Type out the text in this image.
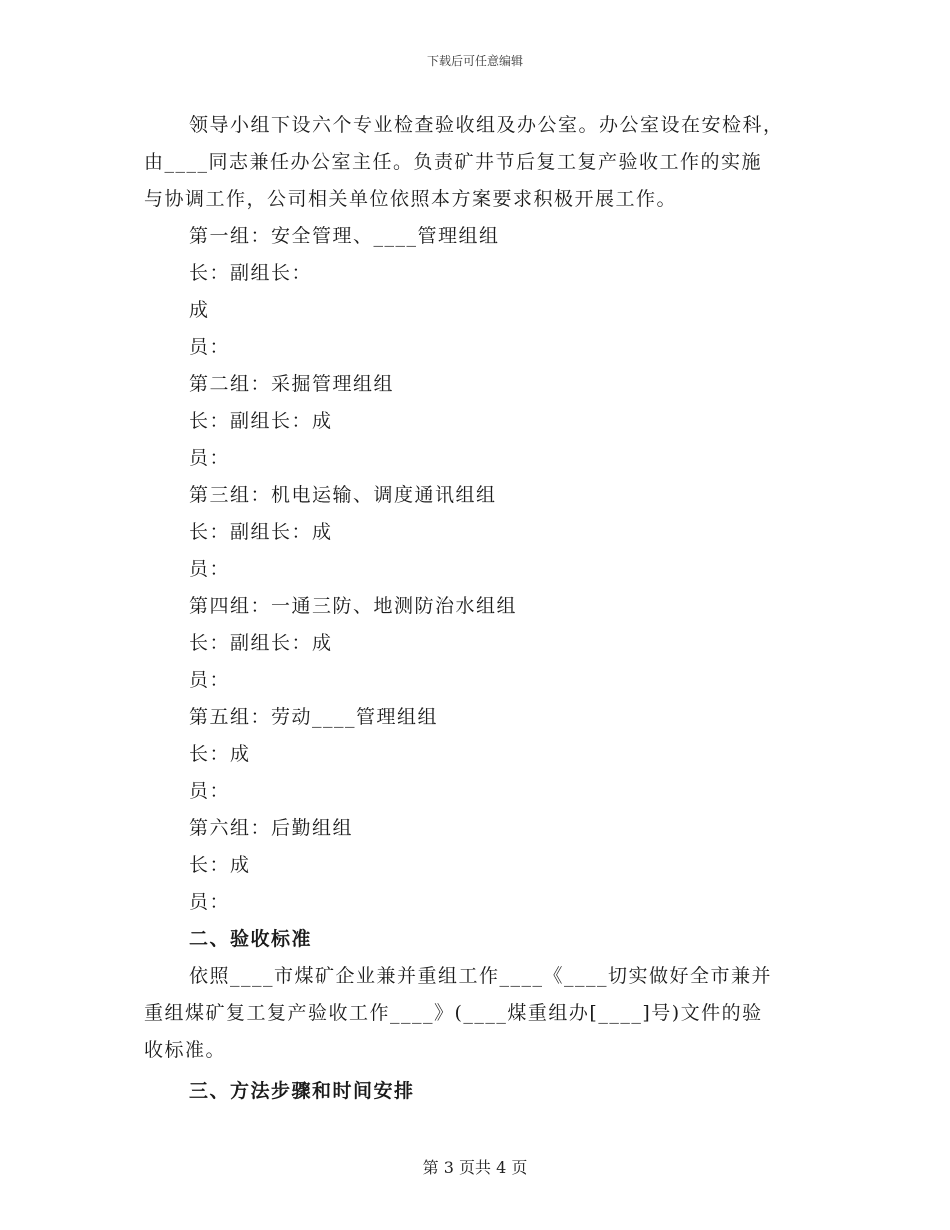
下载后可任意编辑

领导小组下设六个专业检查验收组及办公室。办公室设在安检科，

由____同志兼任办公室主任。负责矿井节后复工复产验收工作的实施

与协调工作，公司相关单位依照本方案要求积极开展工作。

第一组：安全管理、____管理组组

长：副组长：

成

员：

第二组：采掘管理组组

长：副组长：成

员：

第三组：机电运输、调度通讯组组

长：副组长：成

员：

第四组：一通三防、地测防治水组组

长：副组长：成

员：

第五组：劳动____管理组组

长：成

员：

第六组：后勤组组

长：成

员：

二、验收标准

依照____市煤矿企业兼并重组工作____《____切实做好全市兼并

重组煤矿复工复产验收工作____》(____煤重组办[____]号)文件的验

收标准。

三、方法步骤和时间安排

第 3 页共 4 页
